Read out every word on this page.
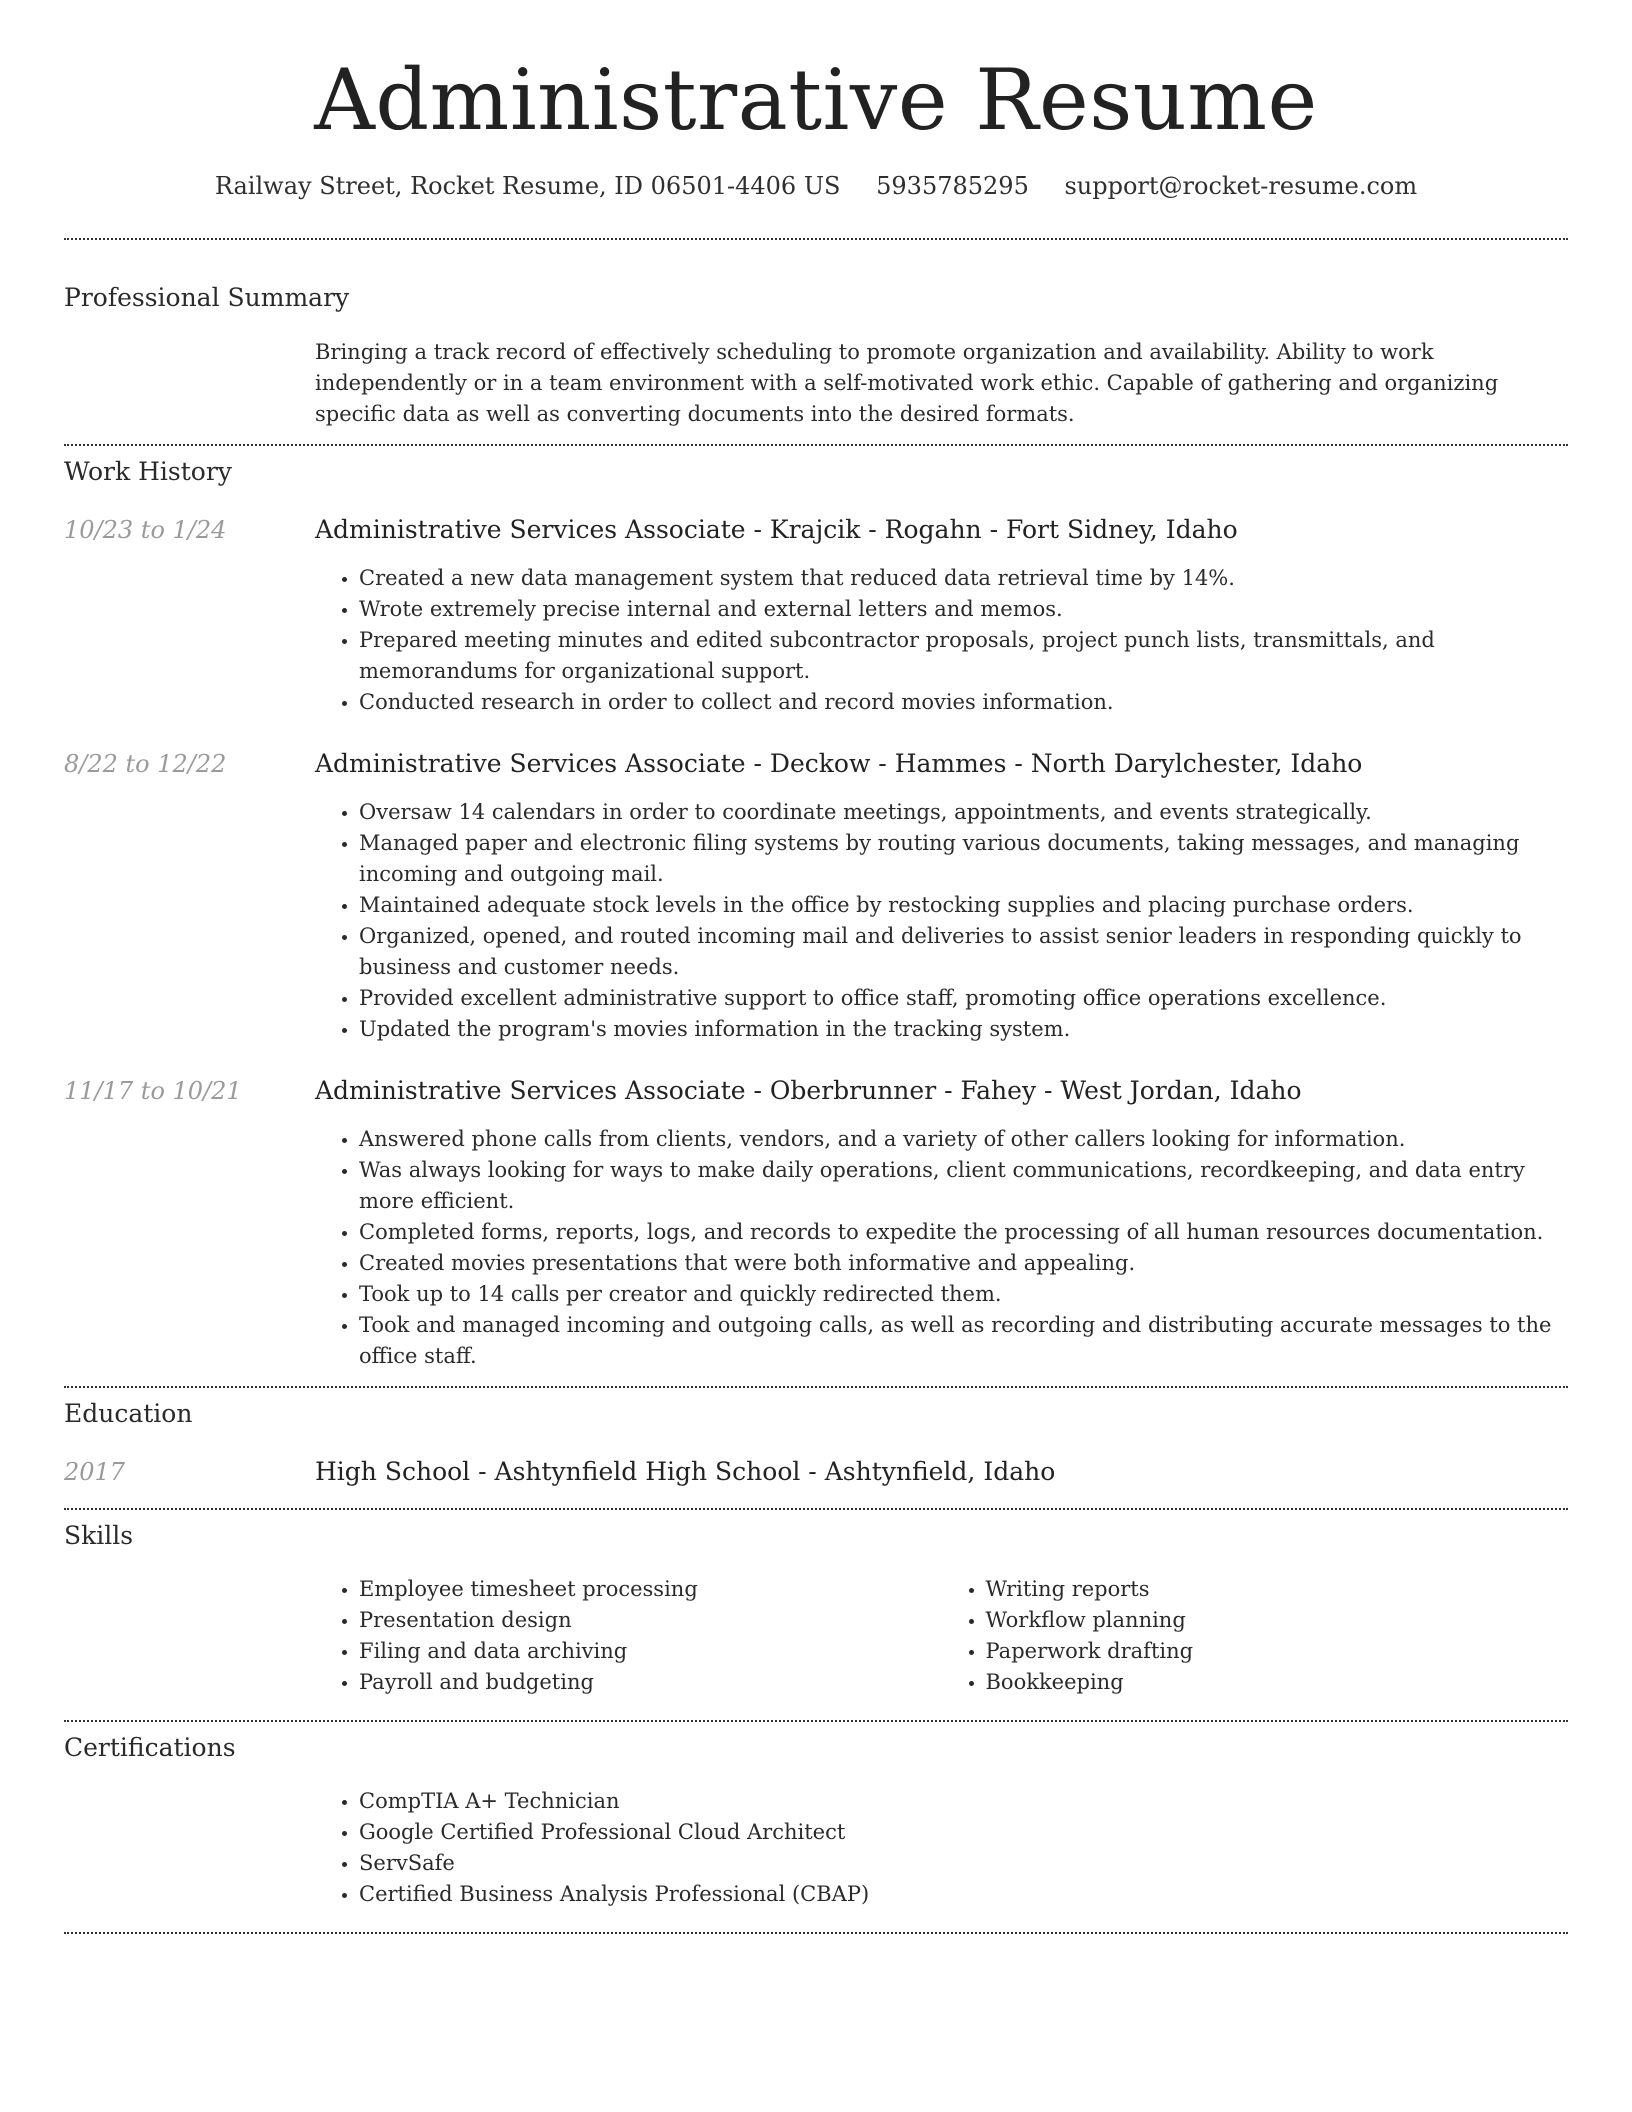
Administrative Resume
Railway Street, Rocket Resume, ID 06501-4406 US 5935785295 support@rocket-resume.com
Professional Summary
Bringing a track record of effectively scheduling to promote organization and availability. Ability to work independently or in a team environment with a self-motivated work ethic. Capable of gathering and organizing specific data as well as converting documents into the desired formats.
Work History
10/23 to 1/24	Administrative Services Associate - Krajcik - Rogahn - Fort Sidney, Idaho
• Created a new data management system that reduced data retrieval time by 14%.
• Wrote extremely precise internal and external letters and memos.
• Prepared meeting minutes and edited subcontractor proposals, project punch lists, transmittals, and memorandums for organizational support.
• Conducted research in order to collect and record movies information.
8/22 to 12/22	Administrative Services Associate - Deckow - Hammes - North Darylchester, Idaho
• Oversaw 14 calendars in order to coordinate meetings, appointments, and events strategically.
• Managed paper and electronic filing systems by routing various documents, taking messages, and managing incoming and outgoing mail.
• Maintained adequate stock levels in the office by restocking supplies and placing purchase orders.
• Organized, opened, and routed incoming mail and deliveries to assist senior leaders in responding quickly to business and customer needs.
• Provided excellent administrative support to office staff, promoting office operations excellence.
• Updated the program's movies information in the tracking system.
11/17 to 10/21	Administrative Services Associate - Oberbrunner - Fahey - West Jordan, Idaho
• Answered phone calls from clients, vendors, and a variety of other callers looking for information.
• Was always looking for ways to make daily operations, client communications, recordkeeping, and data entry more efficient.
• Completed forms, reports, logs, and records to expedite the processing of all human resources documentation.
• Created movies presentations that were both informative and appealing.
• Took up to 14 calls per creator and quickly redirected them.
• Took and managed incoming and outgoing calls, as well as recording and distributing accurate messages to the office staff.
Education
2017	High School - Ashtynfield High School - Ashtynfield, Idaho
Skills
• Employee timesheet processing
• Presentation design
• Filing and data archiving
• Payroll and budgeting
• Writing reports
• Workflow planning
• Paperwork drafting
• Bookkeeping
Certifications
• CompTIA A+ Technician
• Google Certified Professional Cloud Architect
• ServSafe
• Certified Business Analysis Professional (CBAP)
